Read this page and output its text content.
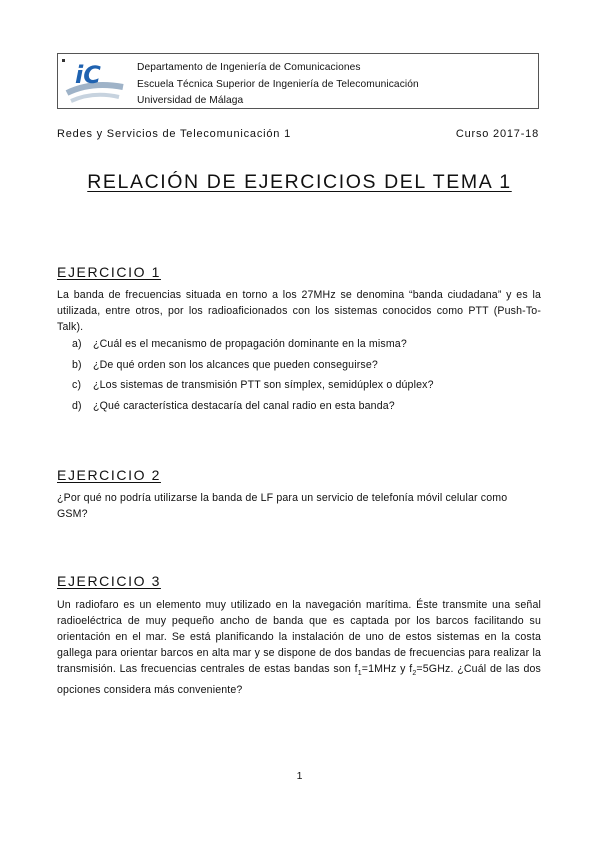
iC	Departamento de Ingeniería de Comunicaciones
Escuela Técnica Superior de Ingeniería de Telecomunicación
Universidad de Málaga
Redes y Servicios de Telecomunicación 1	Curso 2017-18
RELACIÓN DE EJERCICIOS DEL TEMA 1
EJERCICIO 1
La banda de frecuencias situada en torno a los 27MHz se denomina “banda ciudadana” y es la utilizada, entre otros, por los radioaficionados con los sistemas conocidos como PTT (Push-To-Talk).
a)	¿Cuál es el mecanismo de propagación dominante en la misma?
b)	¿De qué orden son los alcances que pueden conseguirse?
c)	¿Los sistemas de transmisión PTT son símplex, semidúplex o dúplex?
d)	¿Qué característica destacaría del canal radio en esta banda?
EJERCICIO 2
¿Por qué no podría utilizarse la banda de LF para un servicio de telefonía móvil celular como GSM?
EJERCICIO 3
Un radiofaro es un elemento muy utilizado en la navegación marítima. Éste transmite una señal radioeléctrica de muy pequeño ancho de banda que es captada por los barcos facilitando su orientación en el mar. Se está planificando la instalación de uno de estos sistemas en la costa gallega para orientar barcos en alta mar y se dispone de dos bandas de frecuencias para realizar la transmisión. Las frecuencias centrales de estas bandas son $f_1=1MHz$ y $f_2=5GHz$. ¿Cuál de las dos opciones considera más conveniente?
1
